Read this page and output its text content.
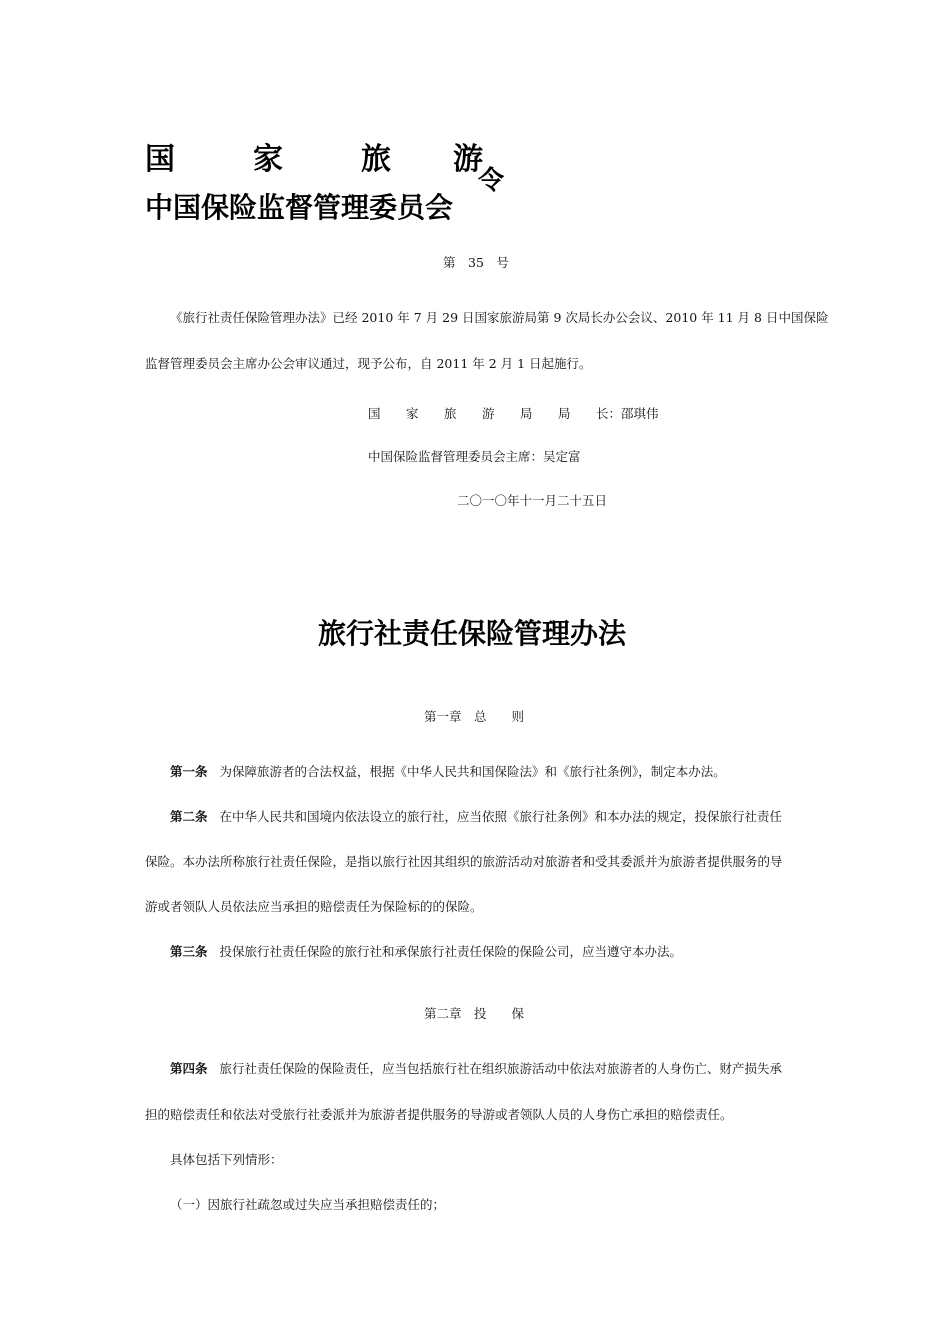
国	家	旅 游
令
中国保险监督管理委员会
第　35　号
《旅行社责任保险管理办法》已经 2010 年 7 月 29 日国家旅游局第 9 次局长办公会议、2010 年 11 月 8 日中国保险
监督管理委员会主席办公会审议通过，现予公布，自 2011 年 2 月 1 日起施行。
国 家 旅 游 局 局 长：邵琪伟
中国保险监督管理委员会主席：吴定富
二〇一〇年十一月二十五日
旅行社责任保险管理办法
第一章　总　　则
第一条 为保障旅游者的合法权益，根据《中华人民共和国保险法》和《旅行社条例》，制定本办法。
第二条 在中华人民共和国境内依法设立的旅行社，应当依照《旅行社条例》和本办法的规定，投保旅行社责任
保险。本办法所称旅行社责任保险，是指以旅行社因其组织的旅游活动对旅游者和受其委派并为旅游者提供服务的导
游或者领队人员依法应当承担的赔偿责任为保险标的的保险。
第三条 投保旅行社责任保险的旅行社和承保旅行社责任保险的保险公司，应当遵守本办法。
第二章　投　　保
第四条 旅行社责任保险的保险责任，应当包括旅行社在组织旅游活动中依法对旅游者的人身伤亡、财产损失承
担的赔偿责任和依法对受旅行社委派并为旅游者提供服务的导游或者领队人员的人身伤亡承担的赔偿责任。
具体包括下列情形：
（一）因旅行社疏忽或过失应当承担赔偿责任的；
